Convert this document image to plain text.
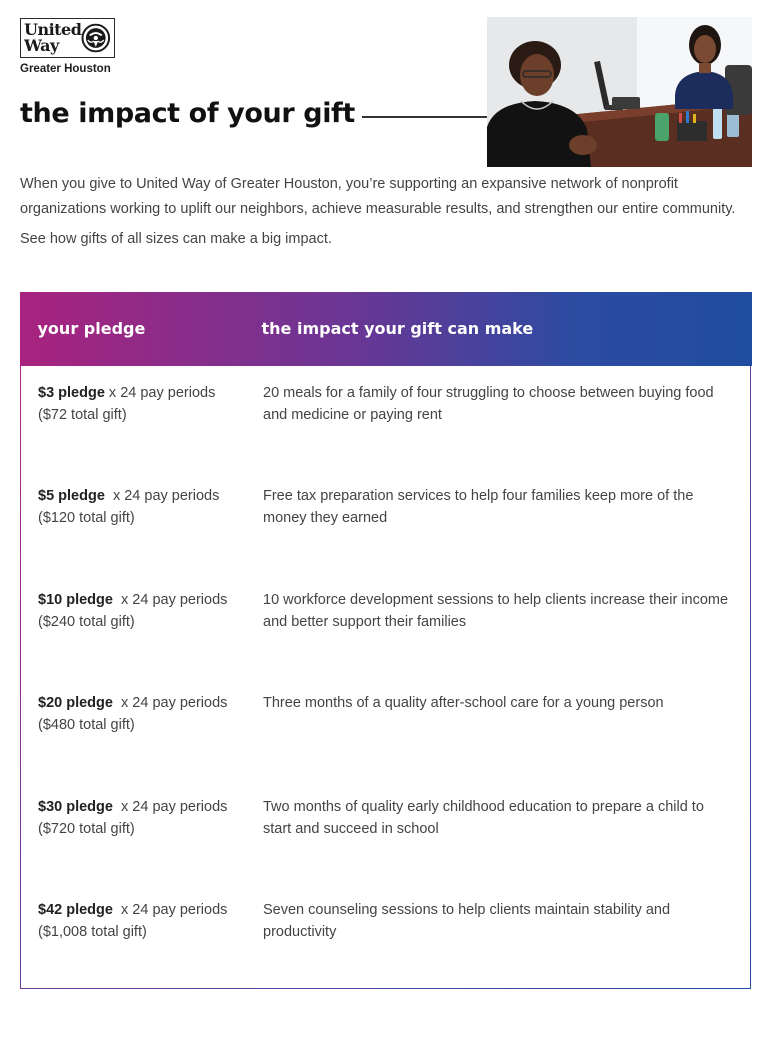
United
Way
Greater Houston
the impact of your gift

When you give to United Way of Greater Houston, you’re supporting an expansive network of nonprofit organizations working to uplift our neighbors, achieve measurable results, and strengthen our entire community.

See how gifts of all sizes can make a big impact.

your pledge	the impact your gift can make
$3 pledge x 24 pay periods
($72 total gift)
20 meals for a family of four struggling to choose between buying food and medicine or paying rent
$5 pledge  x 24 pay periods
($120 total gift)
Free tax preparation services to help four families keep more of the money they earned
$10 pledge  x 24 pay periods
($240 total gift)
10 workforce development sessions to help clients increase their income and better support their families
$20 pledge  x 24 pay periods
($480 total gift)
Three months of a quality after-school care for a young person
$30 pledge  x 24 pay periods
($720 total gift)
Two months of quality early childhood education to prepare a child to start and succeed in school
$42 pledge  x 24 pay periods
($1,008 total gift)
Seven counseling sessions to help clients maintain stability and productivity
